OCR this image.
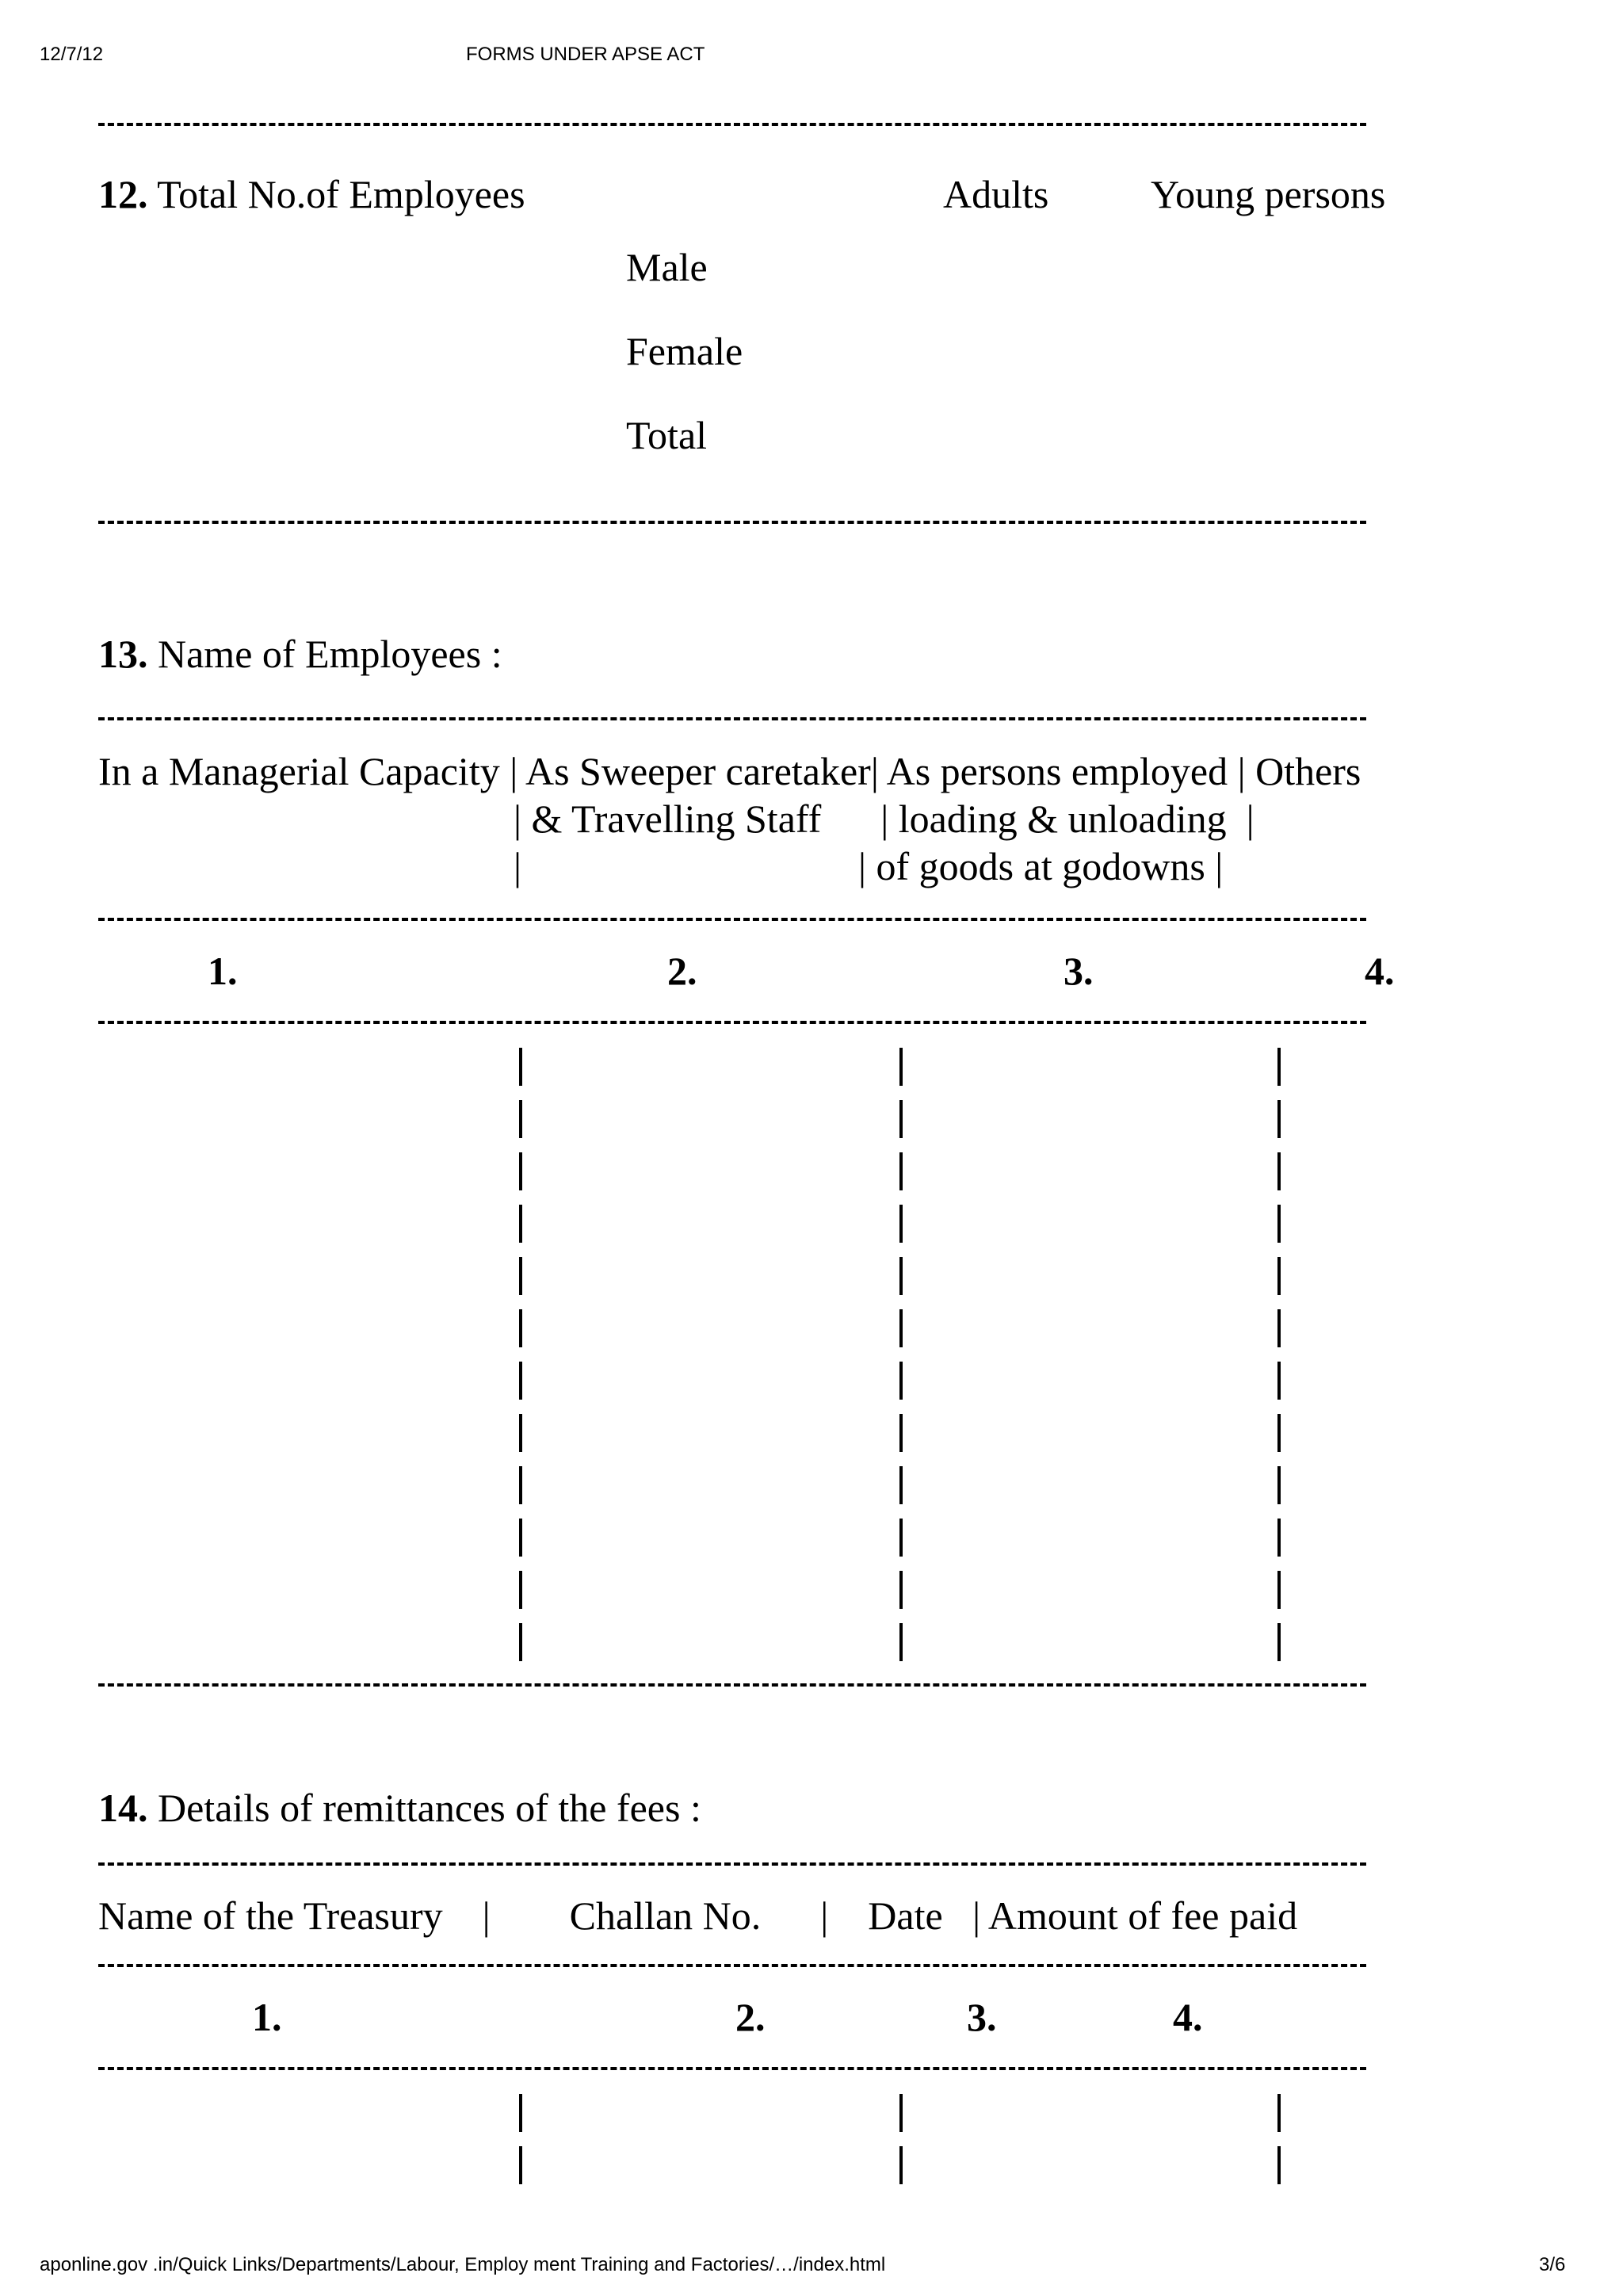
12/7/12	FORMS UNDER APSE ACT
12. Total No.of Employees	Adults	Young persons
Male
Female
Total
13. Name of Employees :
In a Managerial Capacity | As Sweeper caretaker| As persons employed | Others
| & Travelling Staff      | loading & unloading  |
|                                  | of goods at godowns |
1.	2.	3.	4.
14. Details of remittances of the fees :
Name of the Treasury    |        Challan No.      |    Date   | Amount of fee paid
1.	2.	3.	4.
aponline.gov .in/Quick Links/Departments/Labour, Employ ment Training and Factories/…/index.html	3/6
